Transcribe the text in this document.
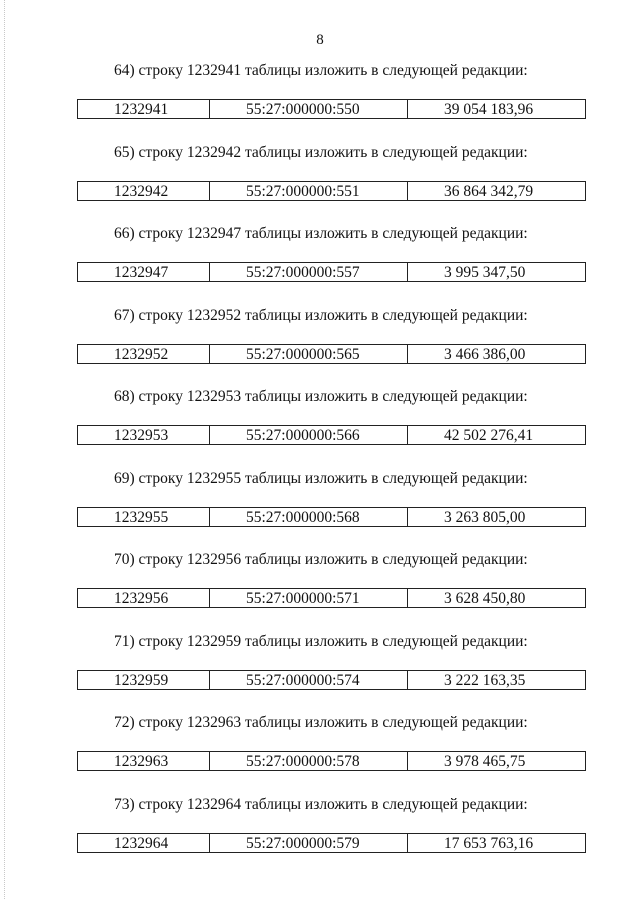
8
64) строку 1232941 таблицы изложить в следующей редакции:
1232941	55:27:000000:550	39 054 183,96
65) строку 1232942 таблицы изложить в следующей редакции:
1232942	55:27:000000:551	36 864 342,79
66) строку 1232947 таблицы изложить в следующей редакции:
1232947	55:27:000000:557	3 995 347,50
67) строку 1232952 таблицы изложить в следующей редакции:
1232952	55:27:000000:565	3 466 386,00
68) строку 1232953 таблицы изложить в следующей редакции:
1232953	55:27:000000:566	42 502 276,41
69) строку 1232955 таблицы изложить в следующей редакции:
1232955	55:27:000000:568	3 263 805,00
70) строку 1232956 таблицы изложить в следующей редакции:
1232956	55:27:000000:571	3 628 450,80
71) строку 1232959 таблицы изложить в следующей редакции:
1232959	55:27:000000:574	3 222 163,35
72) строку 1232963 таблицы изложить в следующей редакции:
1232963	55:27:000000:578	3 978 465,75
73) строку 1232964 таблицы изложить в следующей редакции:
1232964	55:27:000000:579	17 653 763,16
